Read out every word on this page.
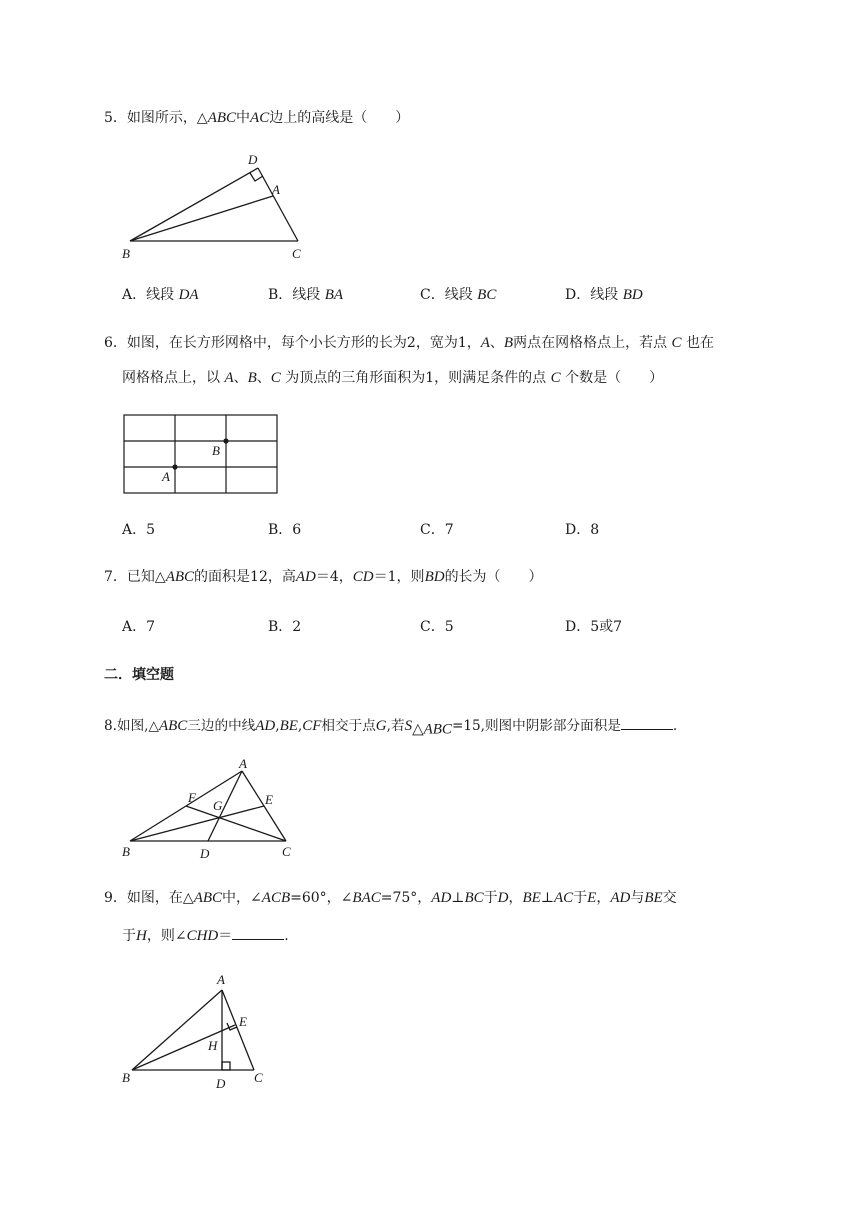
5．如图所示，△ABC中AC边上的高线是（　　）
D
A
B	C
A．线段 DA	B．线段 BA	C．线段 BC	D．线段 BD
6．如图，在长方形网格中，每个小长方形的长为2，宽为1，A、B两点在网格格点上，若点 C 也在
网格格点上，以 A、B、C 为顶点的三角形面积为1，则满足条件的点 C 个数是（　　）
B
A
A．5	B．6	C．7	D．8
7．已知△ABC的面积是12，高AD＝4，CD＝1，则BD的长为（　　）
A．7	B．2	C．5	D．5或7
二．填空题
8.如图,△ABC三边的中线AD,BE,CF相交于点G,若$S_{\triangle ABC}=15$,则图中阴影部分面积是	.
A
F
G	E
B	D	C
9．如图，在△ABC中，∠ACB=60°，∠BAC=75°，AD⊥BC于D，BE⊥AC于E，AD与BE交
于H，则∠CHD＝	.
A
E
H
B	D C
